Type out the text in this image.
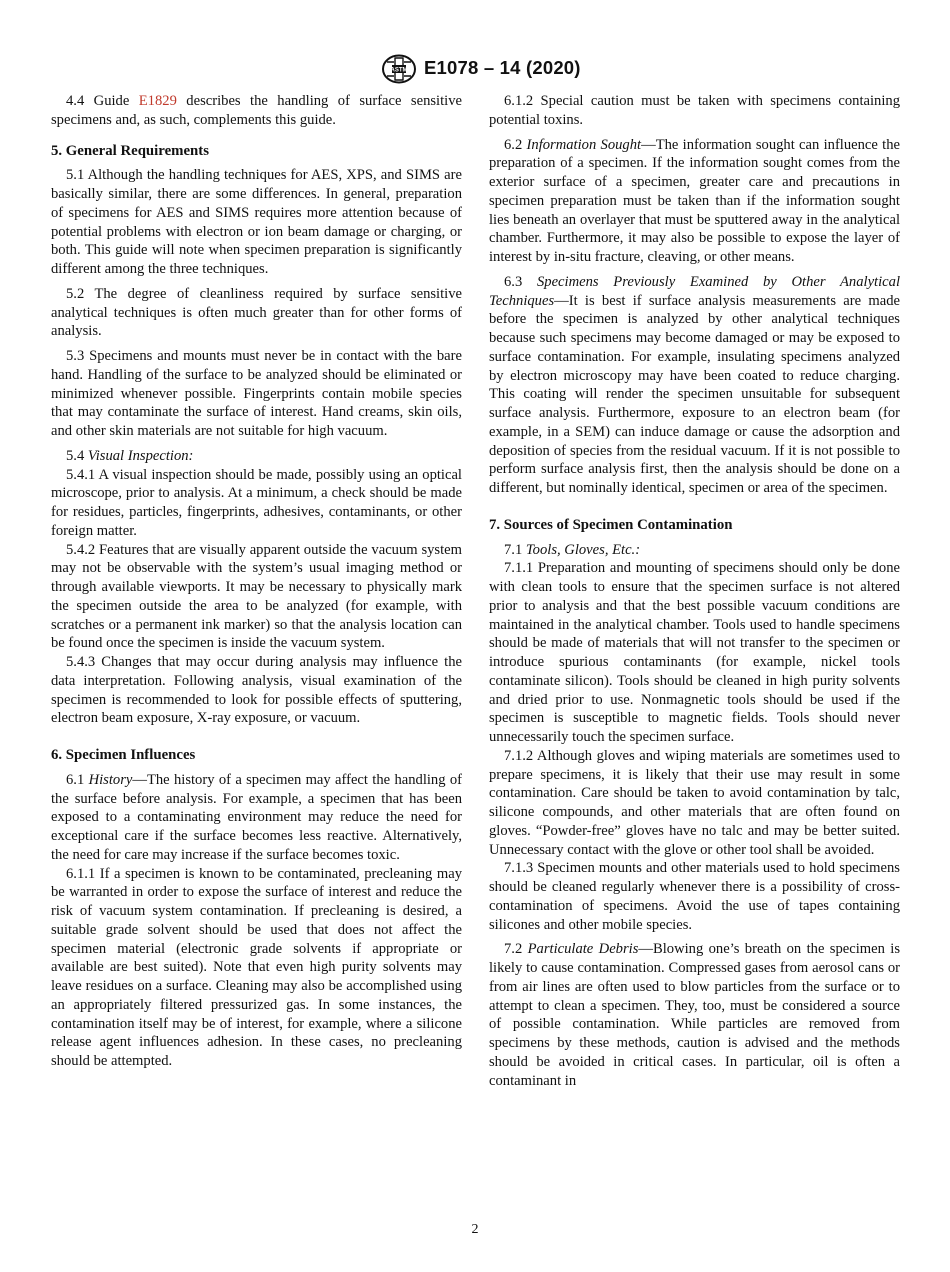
ASTM E1078 – 14 (2020)

4.4 Guide E1829 describes the handling of surface sensitive specimens and, as such, complements this guide.

5. General Requirements

5.1 Although the handling techniques for AES, XPS, and SIMS are basically similar, there are some differences. In general, preparation of specimens for AES and SIMS requires more attention because of potential problems with electron or ion beam damage or charging, or both. This guide will note when specimen preparation is significantly different among the three techniques.

5.2 The degree of cleanliness required by surface sensitive analytical techniques is often much greater than for other forms of analysis.

5.3 Specimens and mounts must never be in contact with the bare hand. Handling of the surface to be analyzed should be eliminated or minimized whenever possible. Fingerprints contain mobile species that may contaminate the surface of interest. Hand creams, skin oils, and other skin materials are not suitable for high vacuum.

5.4 Visual Inspection:

5.4.1 A visual inspection should be made, possibly using an optical microscope, prior to analysis. At a minimum, a check should be made for residues, particles, fingerprints, adhesives, contaminants, or other foreign matter.

5.4.2 Features that are visually apparent outside the vacuum system may not be observable with the system’s usual imaging method or through available viewports. It may be necessary to physically mark the specimen outside the area to be analyzed (for example, with scratches or a permanent ink marker) so that the analysis location can be found once the specimen is inside the vacuum system.

5.4.3 Changes that may occur during analysis may influence the data interpretation. Following analysis, visual examination of the specimen is recommended to look for possible effects of sputtering, electron beam exposure, X-ray exposure, or vacuum.

6. Specimen Influences

6.1 History—The history of a specimen may affect the handling of the surface before analysis. For example, a specimen that has been exposed to a contaminating environment may reduce the need for exceptional care if the surface becomes less reactive. Alternatively, the need for care may increase if the surface becomes toxic.

6.1.1 If a specimen is known to be contaminated, precleaning may be warranted in order to expose the surface of interest and reduce the risk of vacuum system contamination. If precleaning is desired, a suitable grade solvent should be used that does not affect the specimen material (electronic grade solvents if appropriate or available are best suited). Note that even high purity solvents may leave residues on a surface. Cleaning may also be accomplished using an appropriately filtered pressurized gas. In some instances, the contamination itself may be of interest, for example, where a silicone release agent influences adhesion. In these cases, no precleaning should be attempted.

6.1.2 Special caution must be taken with specimens containing potential toxins.

6.2 Information Sought—The information sought can influence the preparation of a specimen. If the information sought comes from the exterior surface of a specimen, greater care and precautions in specimen preparation must be taken than if the information sought lies beneath an overlayer that must be sputtered away in the analytical chamber. Furthermore, it may also be possible to expose the layer of interest by in-situ fracture, cleaving, or other means.

6.3 Specimens Previously Examined by Other Analytical Techniques—It is best if surface analysis measurements are made before the specimen is analyzed by other analytical techniques because such specimens may become damaged or may be exposed to surface contamination. For example, insulating specimens analyzed by electron microscopy may have been coated to reduce charging. This coating will render the specimen unsuitable for subsequent surface analysis. Furthermore, exposure to an electron beam (for example, in a SEM) can induce damage or cause the adsorption and deposition of species from the residual vacuum. If it is not possible to perform surface analysis first, then the analysis should be done on a different, but nominally identical, specimen or area of the specimen.

7. Sources of Specimen Contamination

7.1 Tools, Gloves, Etc.:

7.1.1 Preparation and mounting of specimens should only be done with clean tools to ensure that the specimen surface is not altered prior to analysis and that the best possible vacuum conditions are maintained in the analytical chamber. Tools used to handle specimens should be made of materials that will not transfer to the specimen or introduce spurious contaminants (for example, nickel tools contaminate silicon). Tools should be cleaned in high purity solvents and dried prior to use. Nonmagnetic tools should be used if the specimen is susceptible to magnetic fields. Tools should never unnecessarily touch the specimen surface.

7.1.2 Although gloves and wiping materials are sometimes used to prepare specimens, it is likely that their use may result in some contamination. Care should be taken to avoid contamination by talc, silicone compounds, and other materials that are often found on gloves. “Powder-free” gloves have no talc and may be better suited. Unnecessary contact with the glove or other tool shall be avoided.

7.1.3 Specimen mounts and other materials used to hold specimens should be cleaned regularly whenever there is a possibility of cross-contamination of specimens. Avoid the use of tapes containing silicones and other mobile species.

7.2 Particulate Debris—Blowing one’s breath on the specimen is likely to cause contamination. Compressed gases from aerosol cans or from air lines are often used to blow particles from the surface or to attempt to clean a specimen. They, too, must be considered a source of possible contamination. While particles are removed from specimens by these methods, caution is advised and the methods should be avoided in critical cases. In particular, oil is often a contaminant in

2
